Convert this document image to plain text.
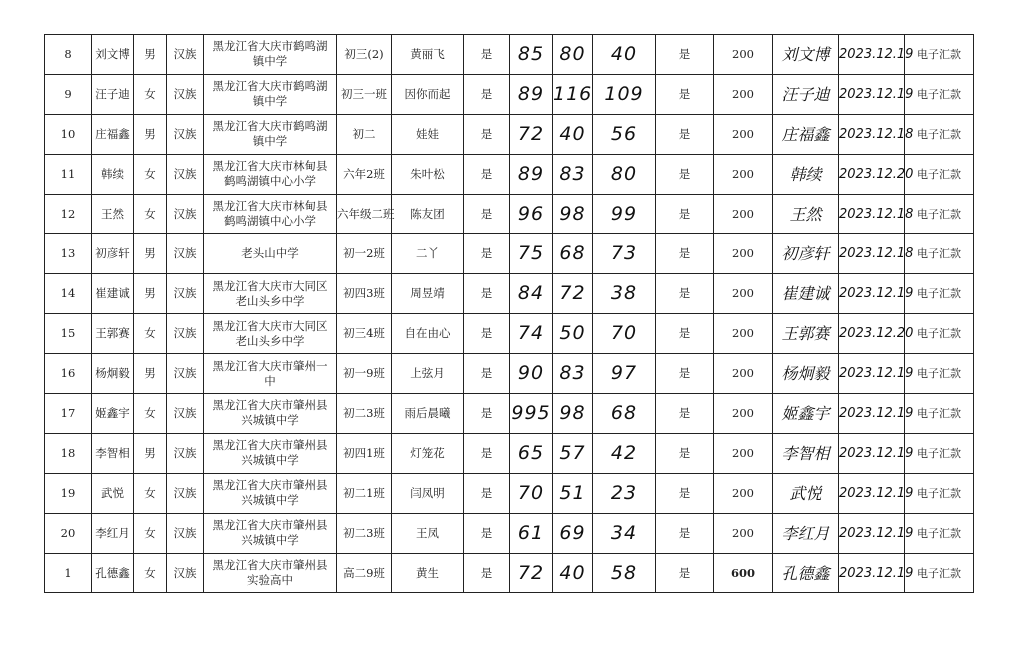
8	刘文博	男	汉族	黑龙江省大庆市鹤鸣湖镇中学	初三(2)	黄丽飞	是	85	80	40	是	200	刘文博	2023.12.19	电子汇款
9	汪子迪	女	汉族	黑龙江省大庆市鹤鸣湖镇中学	初三一班	因你而起	是	89	116	109	是	200	汪子迪	2023.12.19	电子汇款
10	庄福鑫	男	汉族	黑龙江省大庆市鹤鸣湖镇中学	初二	娃娃	是	72	40	56	是	200	庄福鑫	2023.12.18	电子汇款
11	韩续	女	汉族	黑龙江省大庆市林甸县鹤鸣湖镇中心小学	六年2班	朱叶松	是	89	83	80	是	200	韩续	2023.12.20	电子汇款
12	王然	女	汉族	黑龙江省大庆市林甸县鹤鸣湖镇中心小学	六年级二班	陈友团	是	96	98	99	是	200	王然	2023.12.18	电子汇款
13	初彦轩	男	汉族	老头山中学	初一2班	二丫	是	75	68	73	是	200	初彦轩	2023.12.18	电子汇款
14	崔建诚	男	汉族	黑龙江省大庆市大同区老山头乡中学	初四3班	周昱靖	是	84	72	38	是	200	崔建诚	2023.12.19	电子汇款
15	王郭赛	女	汉族	黑龙江省大庆市大同区老山头乡中学	初三4班	自在由心	是	74	50	70	是	200	王郭赛	2023.12.20	电子汇款
16	杨炯毅	男	汉族	黑龙江省大庆市肇州一中	初一9班	上弦月	是	90	83	97	是	200	杨炯毅	2023.12.19	电子汇款
17	姬鑫宇	女	汉族	黑龙江省大庆市肇州县兴城镇中学	初二3班	雨后晨曦	是	995	98	68	是	200	姬鑫宇	2023.12.19	电子汇款
18	李智相	男	汉族	黑龙江省大庆市肇州县兴城镇中学	初四1班	灯笼花	是	65	57	42	是	200	李智相	2023.12.19	电子汇款
19	武悦	女	汉族	黑龙江省大庆市肇州县兴城镇中学	初二1班	闫凤明	是	70	51	23	是	200	武悦	2023.12.19	电子汇款
20	李红月	女	汉族	黑龙江省大庆市肇州县兴城镇中学	初二3班	王凤	是	61	69	34	是	200	李红月	2023.12.19	电子汇款
1	孔德鑫	女	汉族	黑龙江省大庆市肇州县实验高中	高二9班	黄生	是	72	40	58	是	600	孔德鑫	2023.12.19	电子汇款
